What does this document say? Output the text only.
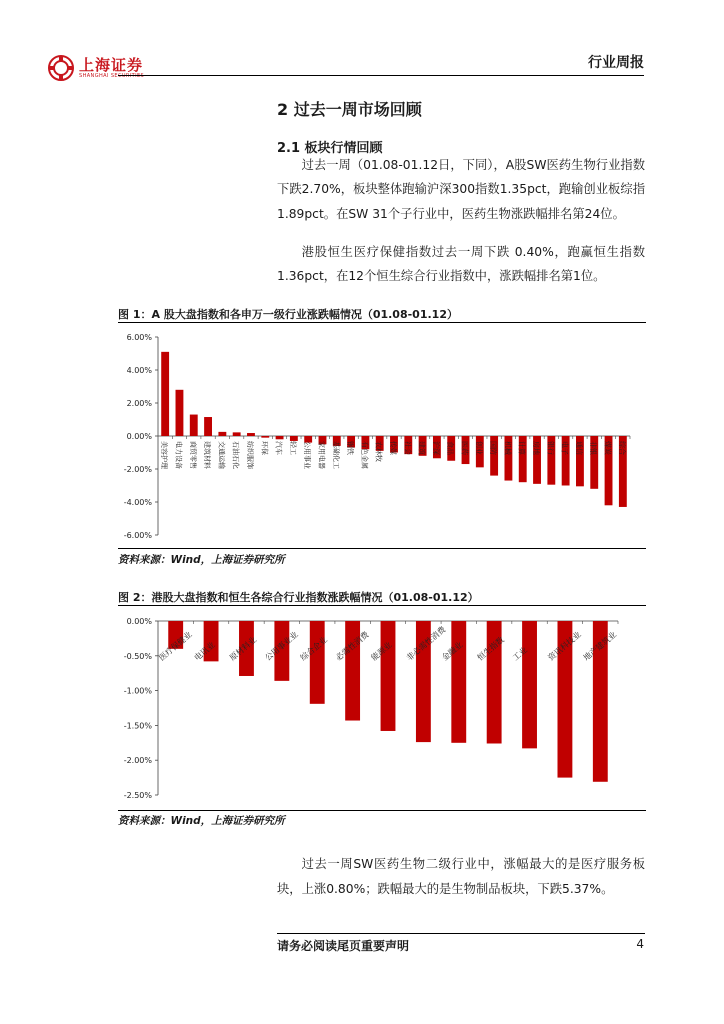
上海证券
SHANGHAI SECURITIES
行业周报
2 过去一周市场回顾
2.1 板块行情回顾

过去一周（01.08-01.12日，下同），A股SW医药生物行业指数下跌2.70%，板块整体跑输沪深300指数1.35pct，跑输创业板综指1.89pct。在SW 31个子行业中，医药生物涨跌幅排名第24位。

港股恒生医疗保健指数过去一周下跌 0.40%，跑赢恒生指数1.36pct，在12个恒生综合行业指数中，涨跌幅排名第1位。

图 1：A 股大盘指数和各申万一级行业涨跌幅情况（01.08-01.12）
6.00%
4.00%
2.00%
0.00%
-2.00%
-4.00%
-6.00%
美容护理 电力设备 商贸零售 建筑材料 交通运输 石油石化 纺织服饰 环保 汽车 轻工 公用事业 家用电器 基础化工 钢铁 有色金属 农林牧 传媒 社会 建筑 沪深 食品 医药 创业 国防 机械 计算 房地 银行 电子 通信 非银 煤炭 综合
资料来源：Wind，上海证券研究所
图 2：港股大盘指数和恒生各综合行业指数涨跌幅情况（01.08-01.12）
0.00%
-0.50%
-1.00%
-1.50%
-2.00%
-2.50%
医疗保健业
电讯业 原材料业 公用事业业
综合企业 必需性消费
能源业 非必需性消费
金融业 恒生指数 工业 资讯科技业
地产建筑业
资料来源：Wind，上海证券研究所

过去一周SW医药生物二级行业中，涨幅最大的是医疗服务板块，上涨0.80%；跌幅最大的是生物制品板块，下跌5.37%。

请务必阅读尾页重要声明	4
